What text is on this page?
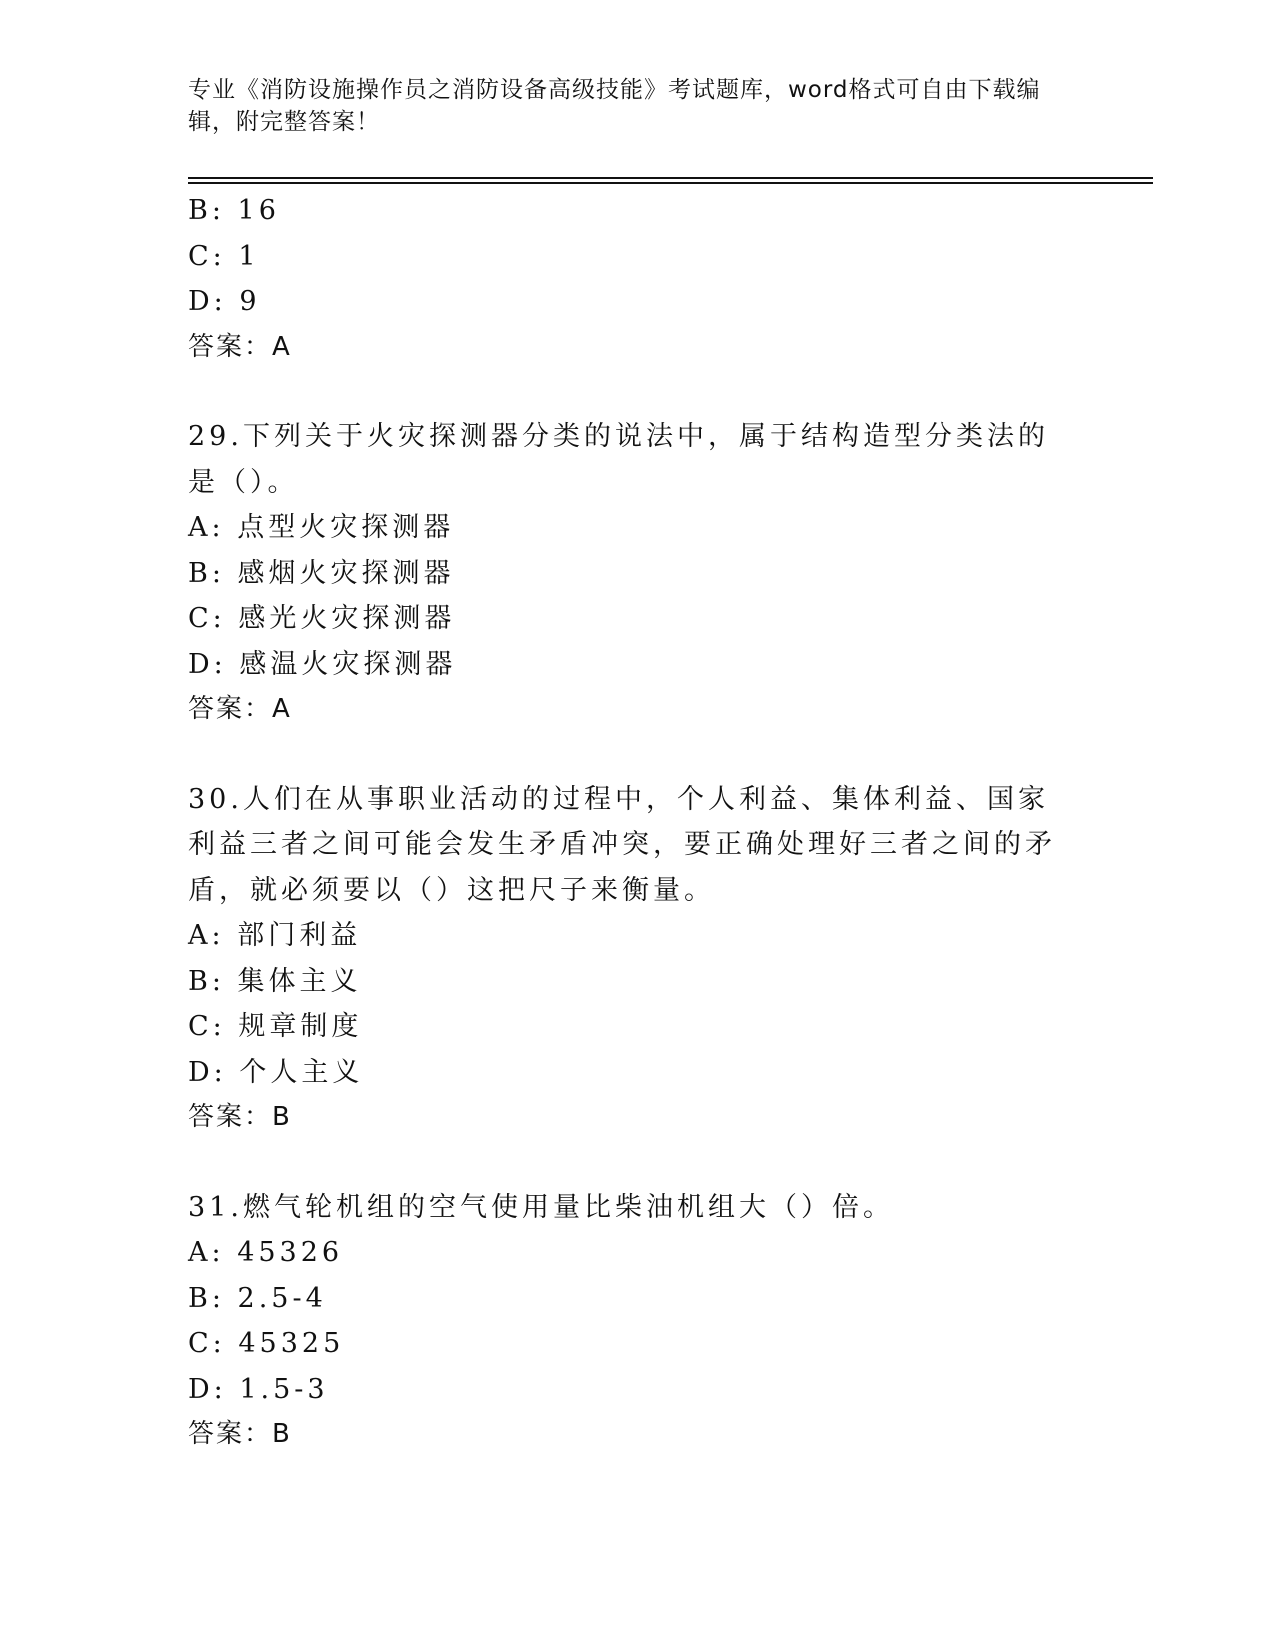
专业《消防设施操作员之消防设备高级技能》考试题库，word格式可自由下载编辑，附完整答案！
B: 16
C: 1
D: 9
答案：A
29.下列关于火灾探测器分类的说法中，属于结构造型分类法的是（）。
A: 点型火灾探测器
B: 感烟火灾探测器
C: 感光火灾探测器
D: 感温火灾探测器
答案：A
30.人们在从事职业活动的过程中，个人利益、集体利益、国家利益三者之间可能会发生矛盾冲突，要正确处理好三者之间的矛盾，就必须要以（）这把尺子来衡量。
A: 部门利益
B: 集体主义
C: 规章制度
D: 个人主义
答案：B
31.燃气轮机组的空气使用量比柴油机组大（）倍。
A: 45326
B: 2.5-4
C: 45325
D: 1.5-3
答案：B
